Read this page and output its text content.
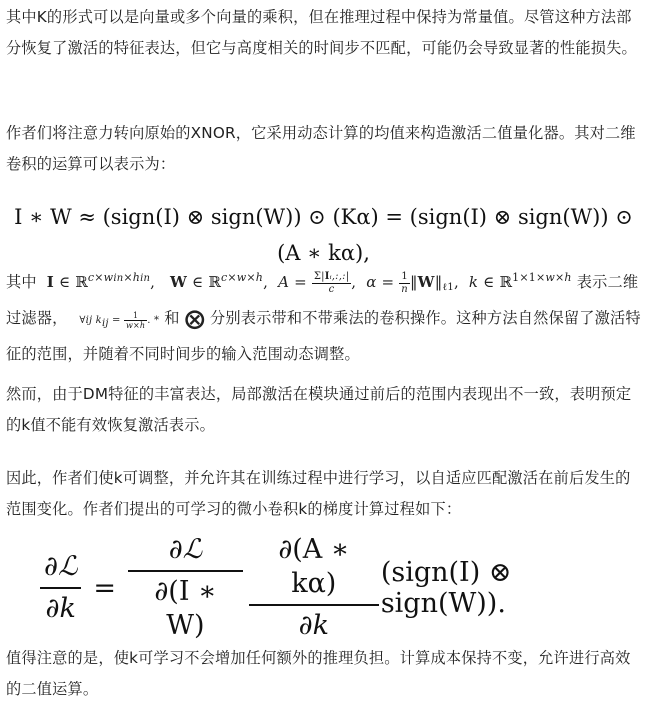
其中K的形式可以是向量或多个向量的乘积，但在推理过程中保持为常量值。尽管这种方法部分恢复了激活的特征表达，但它与高度相关的时间步不匹配，可能仍会导致显著的性能损失。

作者们将注意力转向原始的XNOR，它采用动态计算的均值来构造激活二值量化器。其对二维卷积的运算可以表示为：

I ∗ W ≈ (sign(I) ⊗ sign(W)) ⊙ (Kα) = (sign(I) ⊗ sign(W)) ⊙ (A ∗ kα),
其中 I ∈ ℝ$^{c\times win\times hin}$, W ∈ ℝ$^{c\times w\times h}$, $A = \frac{\text{Σ|Iᵢ,:,:|}}{c}$ , $\alpha = \frac{1}{n}$ $‖W‖_{\ell 1}$, k ∈ ℝ$^{1\times 1\times w\times h}$ 表示二维过滤器，   ∀ij kij = $\frac{1}{w\times h}$ . * 和 ⨂ 分别表示带和不带乘法的卷积操作。这种方法自然保留了激活特征的范围，并随着不同时间步的输入范围动态调整。

然而，由于DM特征的丰富表达，局部激活在模块通过前后的范围内表现出不一致，表明预定的k值不能有效恢复激活表示。

因此，作者们使k可调整，并允许其在训练过程中进行学习，以自适应匹配激活在前后发生的范围变化。作者们提出的可学习的微小卷积k的梯度计算过程如下：

$\frac{\text{∂ℒ}}{\partial k} = \frac{\text{∂ℒ}}{\partial(I ∗ W)} \frac{\partial(A ∗ k\alpha)}{\partial k}$ (sign(I) ⊗ sign(W)).

值得注意的是，使k可学习不会增加任何额外的推理负担。计算成本保持不变，允许进行高效的二值运算。
